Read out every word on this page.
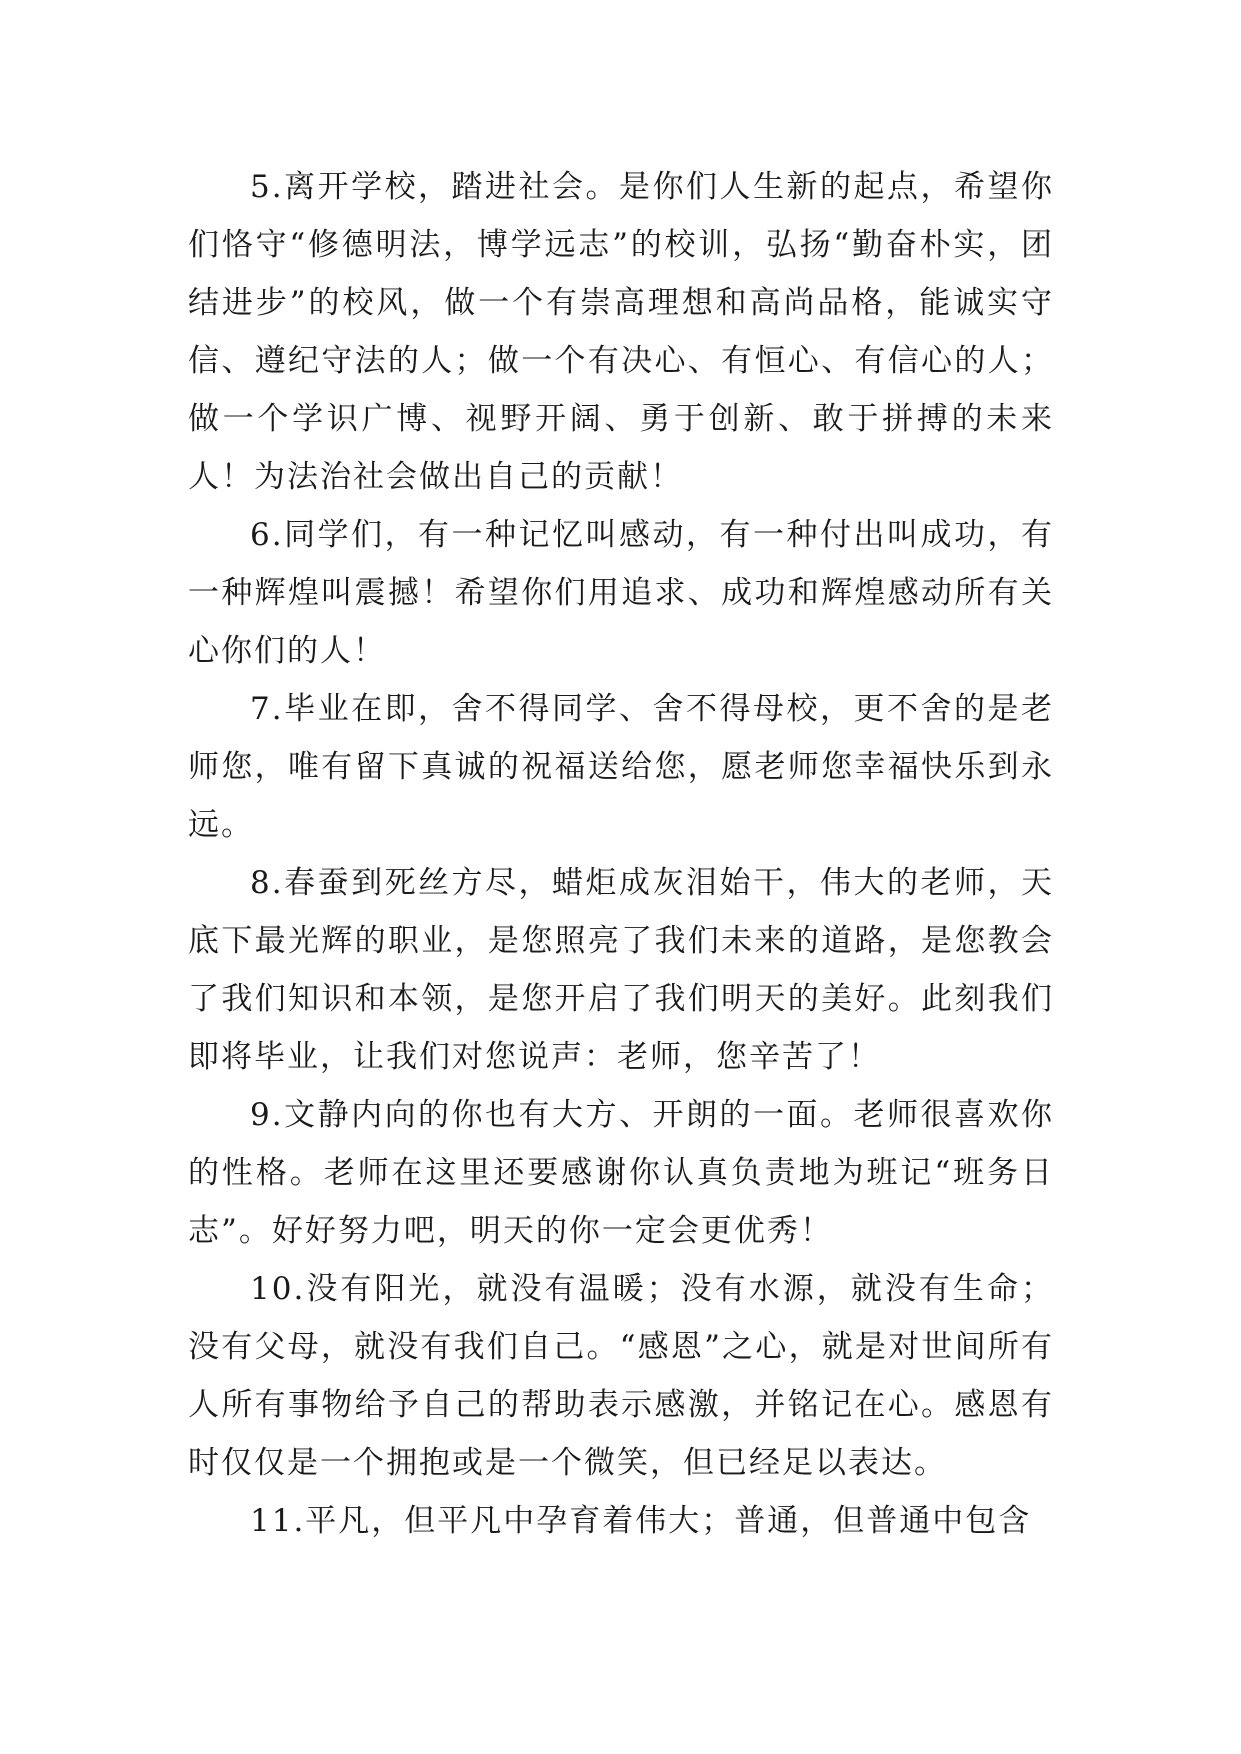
5.离开学校，踏进社会。是你们人生新的起点，希望你们恪守“修德明法，博学远志”的校训，弘扬“勤奋朴实，团结进步”的校风，做一个有崇高理想和高尚品格，能诚实守信、遵纪守法的人；做一个有决心、有恒心、有信心的人；做一个学识广博、视野开阔、勇于创新、敢于拼搏的未来人！为法治社会做出自己的贡献！

6.同学们，有一种记忆叫感动，有一种付出叫成功，有一种辉煌叫震撼！希望你们用追求、成功和辉煌感动所有关心你们的人！

7.毕业在即，舍不得同学、舍不得母校，更不舍的是老师您，唯有留下真诚的祝福送给您，愿老师您幸福快乐到永远。

8.春蚕到死丝方尽，蜡炬成灰泪始干，伟大的老师，天底下最光辉的职业，是您照亮了我们未来的道路，是您教会了我们知识和本领，是您开启了我们明天的美好。此刻我们即将毕业，让我们对您说声：老师，您辛苦了！

9.文静内向的你也有大方、开朗的一面。老师很喜欢你的性格。老师在这里还要感谢你认真负责地为班记“班务日志”。好好努力吧，明天的你一定会更优秀！

10.没有阳光，就没有温暖；没有水源，就没有生命；没有父母，就没有我们自己。“感恩”之心，就是对世间所有人所有事物给予自己的帮助表示感激，并铭记在心。感恩有时仅仅是一个拥抱或是一个微笑，但已经足以表达。

11.平凡，但平凡中孕育着伟大；普通，但普通中包含
